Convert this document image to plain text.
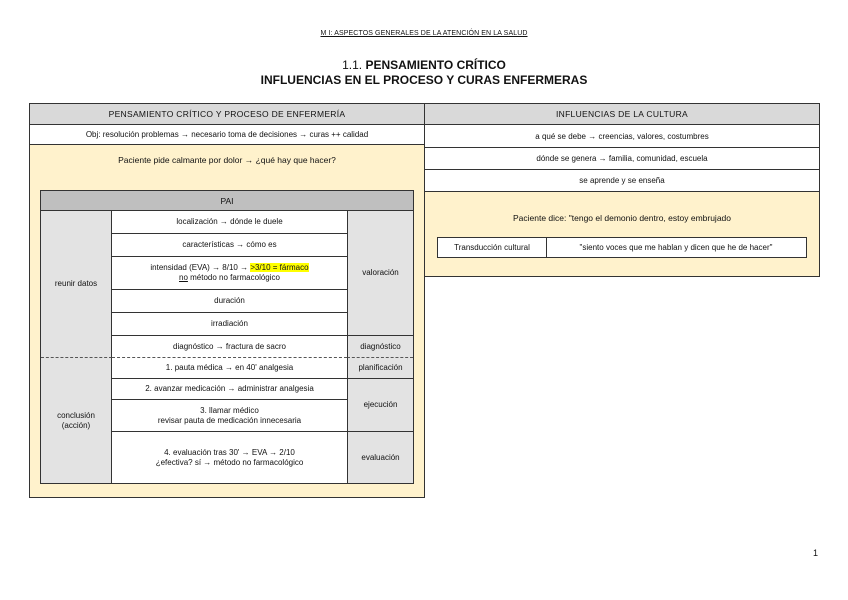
M I: ASPECTOS GENERALES DE LA ATENCIÓN EN LA SALUD
1.1. PENSAMIENTO CRÍTICO
INFLUENCIAS EN EL PROCESO Y CURAS ENFERMERAS
PENSAMIENTO CRÍTICO Y PROCESO DE ENFERMERÍA
Obj: resolución problemas → necesario toma de decisiones → curas ++ calidad
Paciente pide calmante por dolor → ¿qué hay que hacer?
PAI
reunir datos
conclusión
(acción)
localización → dónde le duele
características → cómo es
intensidad (EVA) → 8/10 → >3/10 = fármaco
no método no farmacológico
duración
irradiación
diagnóstico → fractura de sacro
1. pauta médica → en 40' analgesia
2. avanzar medicación → administrar analgesia
3. llamar médico
revisar pauta de medicación innecesaria
4. evaluación tras 30' → EVA → 2/10
¿efectiva? sí → método no farmacológico
valoración
diagnóstico
planificación
ejecución
evaluación
INFLUENCIAS DE LA CULTURA
a qué se debe → creencias, valores, costumbres
dónde se genera → familia, comunidad, escuela
se aprende y se enseña
Paciente dice: "tengo el demonio dentro, estoy embrujado
Transducción cultural	"siento voces que me hablan y dicen que he de hacer"
1
